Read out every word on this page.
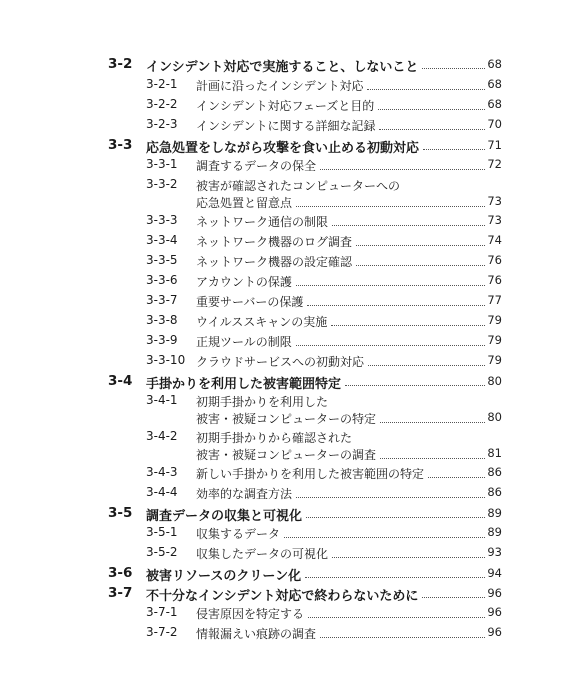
3-2 インシデント対応で実施すること、しないこと	68
3-2-1 計画に沿ったインシデント対応	68
3-2-2 インシデント対応フェーズと目的	68
3-2-3 インシデントに関する詳細な記録	70
3-3 応急処置をしながら攻撃を食い止める初動対応	71
3-3-1 調査するデータの保全	72
3-3-2 被害が確認されたコンピューターへの
応急処置と留意点	73
3-3-3 ネットワーク通信の制限	73
3-3-4 ネットワーク機器のログ調査	74
3-3-5 ネットワーク機器の設定確認	76
3-3-6 アカウントの保護	76
3-3-7 重要サーバーの保護	77
3-3-8 ウイルススキャンの実施	79
3-3-9 正規ツールの制限	79
3-3-10 クラウドサービスへの初動対応	79
3-4 手掛かりを利用した被害範囲特定	80
3-4-1 初期手掛かりを利用した
被害・被疑コンピューターの特定	80
3-4-2 初期手掛かりから確認された
被害・被疑コンピューターの調査	81
3-4-3 新しい手掛かりを利用した被害範囲の特定	86
3-4-4 効率的な調査方法	86
3-5 調査データの収集と可視化	89
3-5-1 収集するデータ	89
3-5-2 収集したデータの可視化	93
3-6 被害リソースのクリーン化	94
3-7 不十分なインシデント対応で終わらないために	96
3-7-1 侵害原因を特定する	96
3-7-2 情報漏えい痕跡の調査	96
